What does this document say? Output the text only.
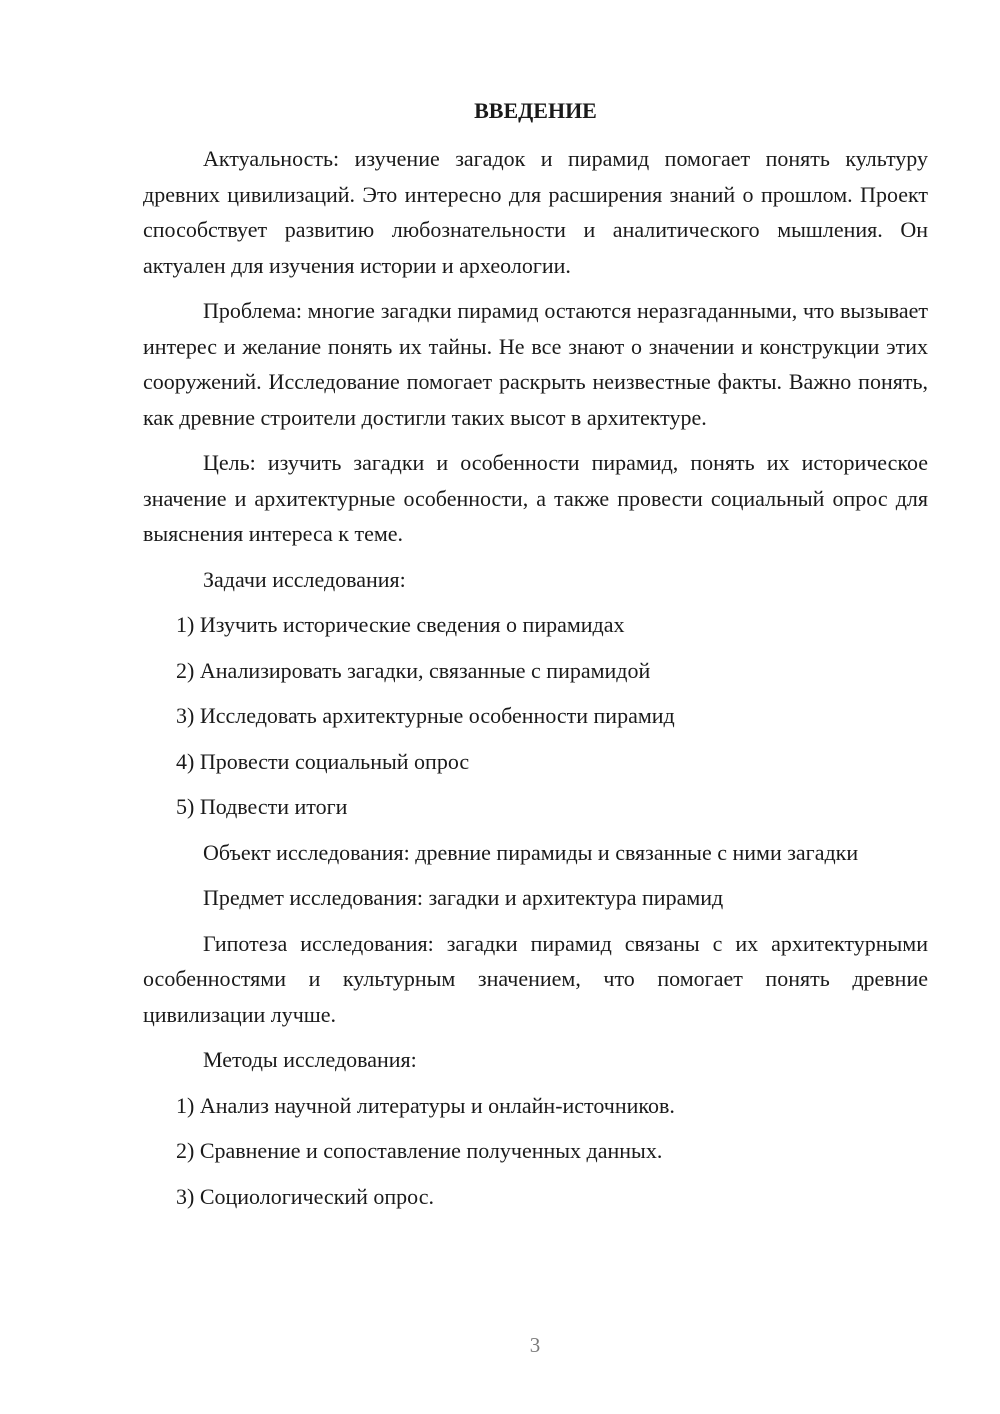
ВВЕДЕНИЕ

Актуальность: изучение загадок и пирамид помогает понять культуру древних цивилизаций. Это интересно для расширения знаний о прошлом. Проект способствует развитию любознательности и аналитического мышления. Он актуален для изучения истории и археологии.

Проблема: многие загадки пирамид остаются неразгаданными, что вызывает интерес и желание понять их тайны. Не все знают о значении и конструкции этих сооружений. Исследование помогает раскрыть неизвестные факты. Важно понять, как древние строители достигли таких высот в архитектуре.

Цель: изучить загадки и особенности пирамид, понять их историческое значение и архитектурные особенности, а также провести социальный опрос для выяснения интереса к теме.

Задачи исследования:

1) Изучить исторические сведения о пирамидах
2) Анализировать загадки, связанные с пирамидой
3) Исследовать архитектурные особенности пирамид
4) Провести социальный опрос
5) Подвести итоги

Объект исследования: древние пирамиды и связанные с ними загадки

Предмет исследования: загадки и архитектура пирамид

Гипотеза исследования: загадки пирамид связаны с их архитектурными особенностями и культурным значением, что помогает понять древние цивилизации лучше.

Методы исследования:

1) Анализ научной литературы и онлайн-источников.
2) Сравнение и сопоставление полученных данных.
3) Социологический опрос.
3
